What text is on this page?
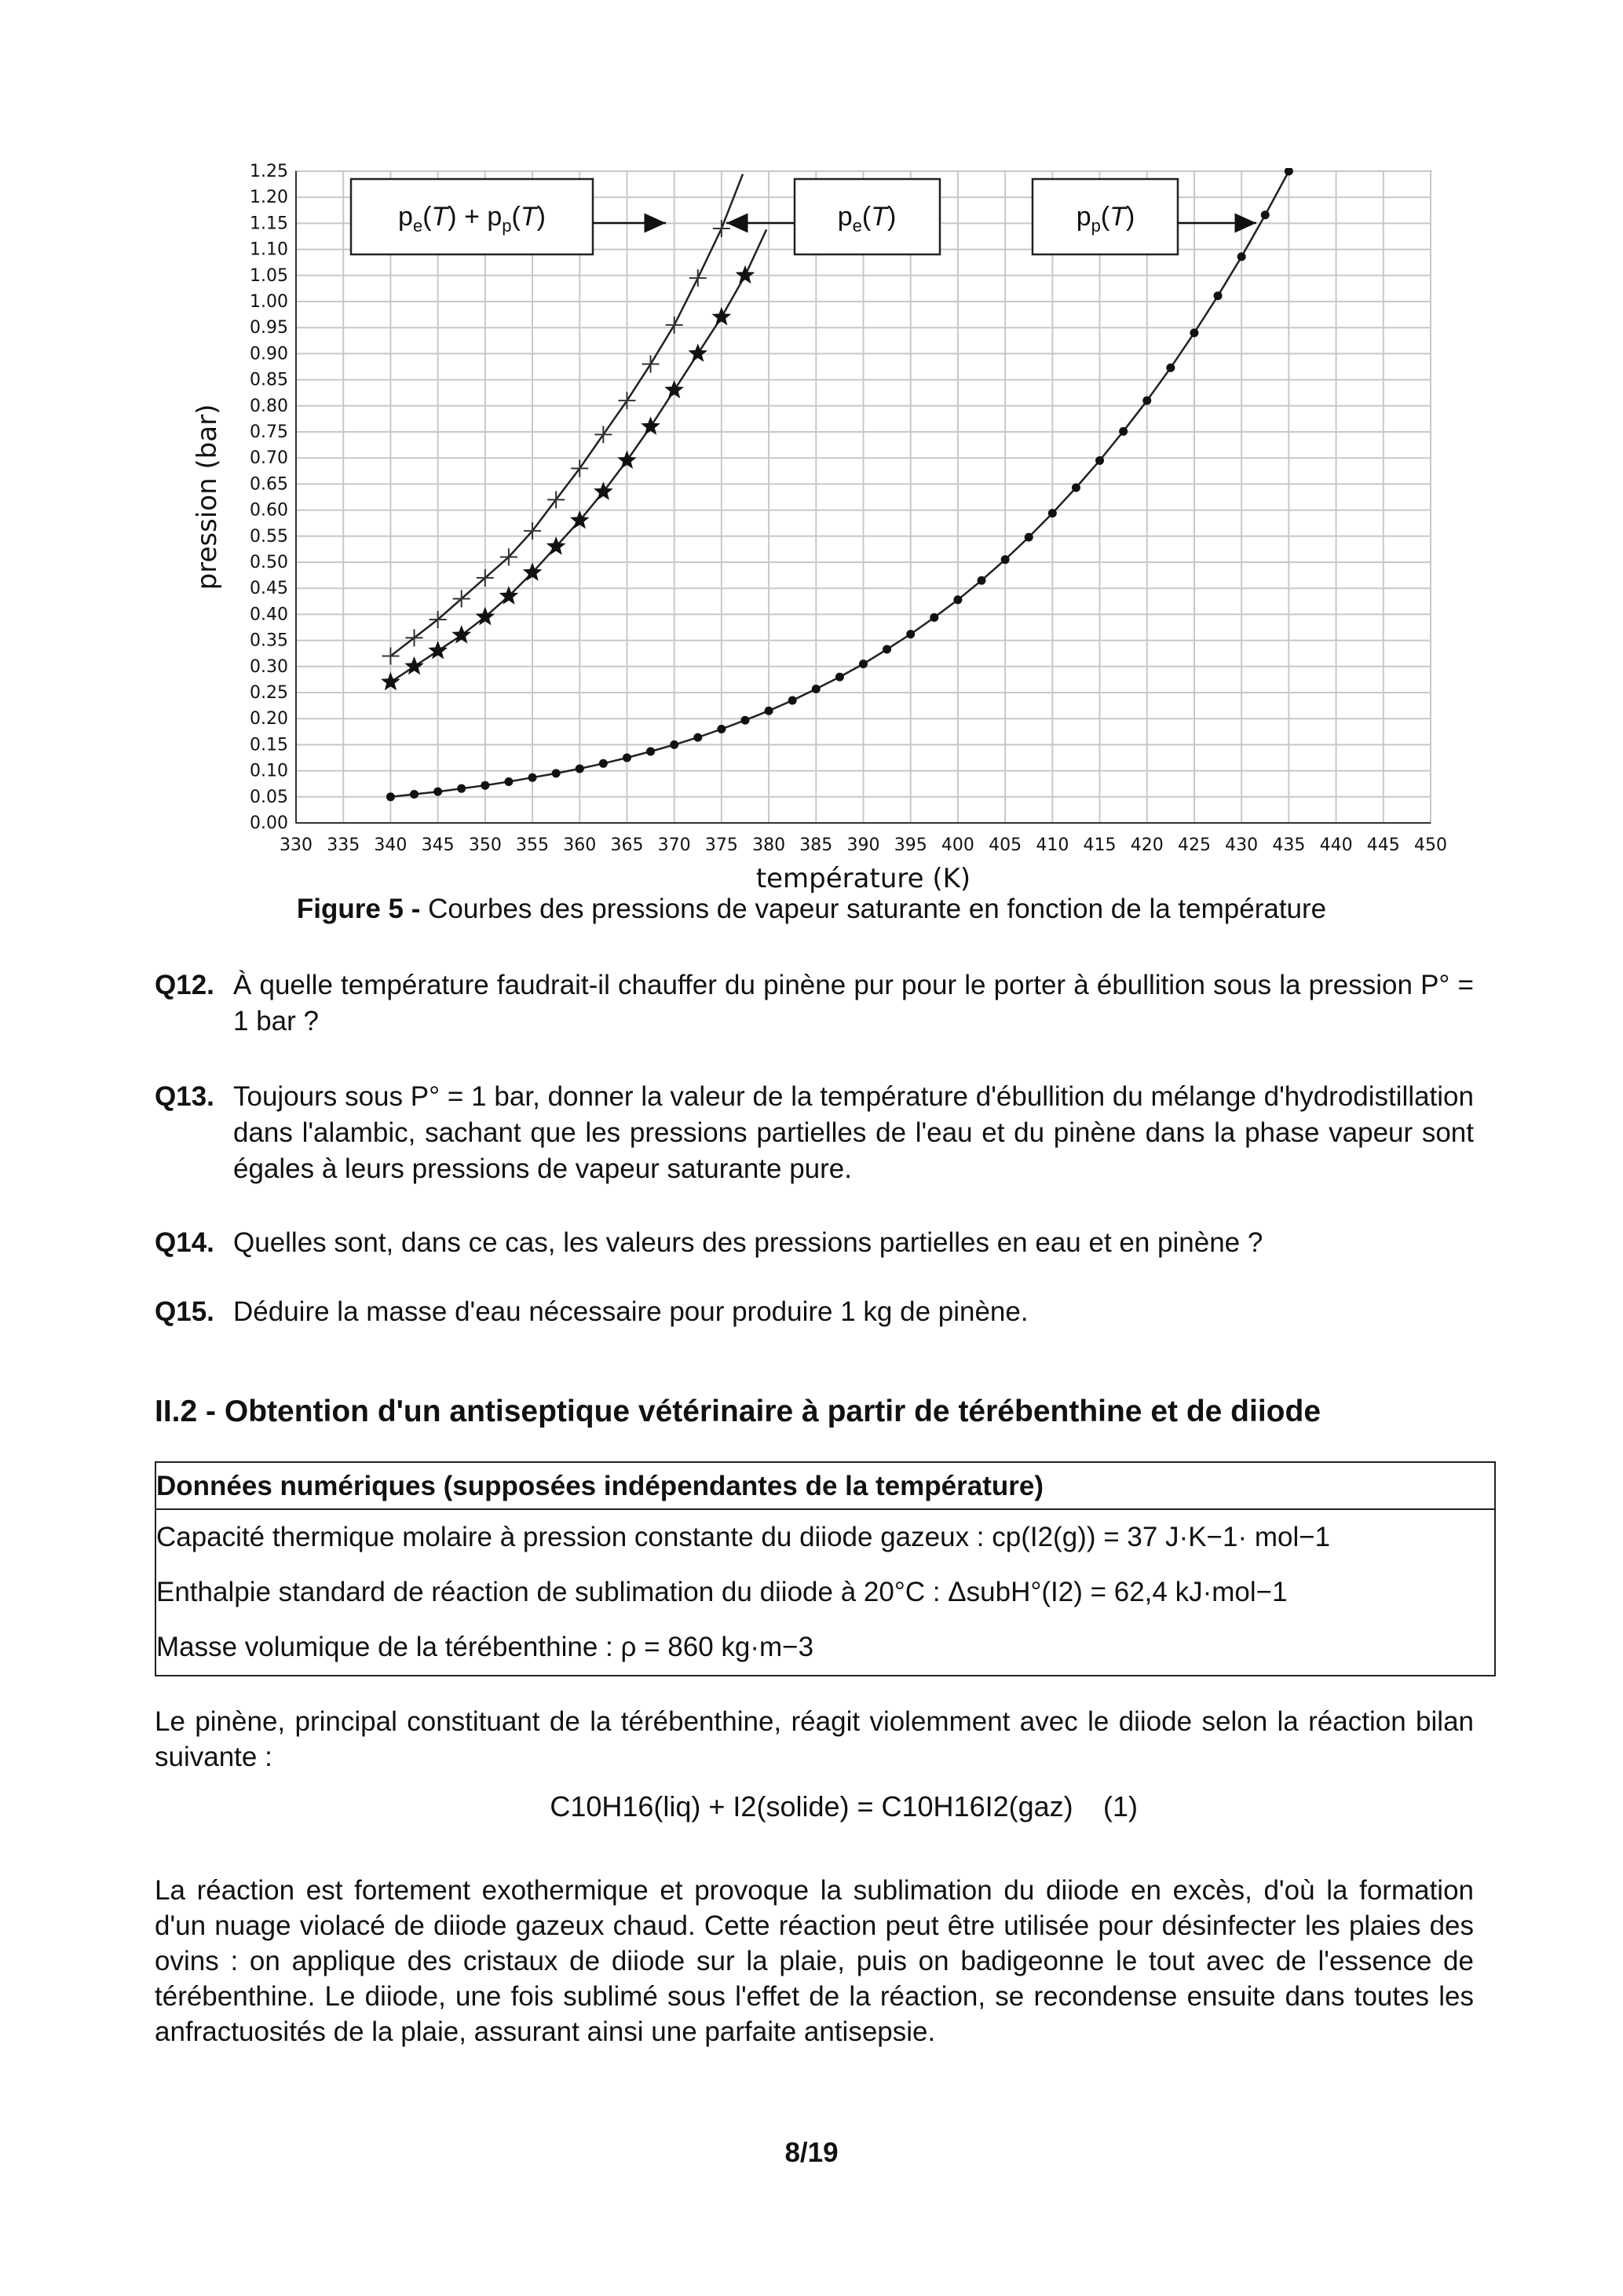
330 335 340 345 350 355 360 365 370 375 380 385 390 395 400 405 410 415 420 425 430 435 440 445 450
0.00
0.05
0.10
0.15
0.20
0.25
0.30
0.35
0.40
0.45
0.50
0.55
0.60
0.65
0.70
0.75
0.80
0.85
0.90
0.95
1.00
1.05
1.10
1.15
1.20
1.25
température (K)
pression (bar)
$p_e(T) + p_p(T)$	$p_e(T)$	$p_p(T)$
Figure 5 - Courbes des pressions de vapeur saturante en fonction de la température
Q12. À quelle température faudrait-il chauffer du pinène pur pour le porter à ébullition sous la pression P° = 1 bar ?
Q13. Toujours sous P° = 1 bar, donner la valeur de la température d'ébullition du mélange d'hydrodistillation dans l'alambic, sachant que les pressions partielles de l'eau et du pinène dans la phase vapeur sont égales à leurs pressions de vapeur saturante pure.
Q14. Quelles sont, dans ce cas, les valeurs des pressions partielles en eau et en pinène ?
Q15. Déduire la masse d'eau nécessaire pour produire 1 kg de pinène.
II.2 - Obtention d'un antiseptique vétérinaire à partir de térébenthine et de diiode
Données numériques (supposées indépendantes de la température)
Capacité thermique molaire à pression constante du diiode gazeux : cp(I2(g)) = 37 J·K−1· mol−1
Enthalpie standard de réaction de sublimation du diiode à 20°C : ΔsubH°(I2) = 62,4 kJ·mol−1
Masse volumique de la térébenthine : ρ = 860 kg·m−3
Le pinène, principal constituant de la térébenthine, réagit violemment avec le diiode selon la réaction bilan suivante :
C10H16(liq) + I2(solide) = C10H16I2(gaz)	(1)
La réaction est fortement exothermique et provoque la sublimation du diiode en excès, d'où la formation d'un nuage violacé de diiode gazeux chaud. Cette réaction peut être utilisée pour désinfecter les plaies des ovins : on applique des cristaux de diiode sur la plaie, puis on badigeonne le tout avec de l'essence de térébenthine. Le diiode, une fois sublimé sous l'effet de la réaction, se recondense ensuite dans toutes les anfractuosités de la plaie, assurant ainsi une parfaite antisepsie.
8/19
